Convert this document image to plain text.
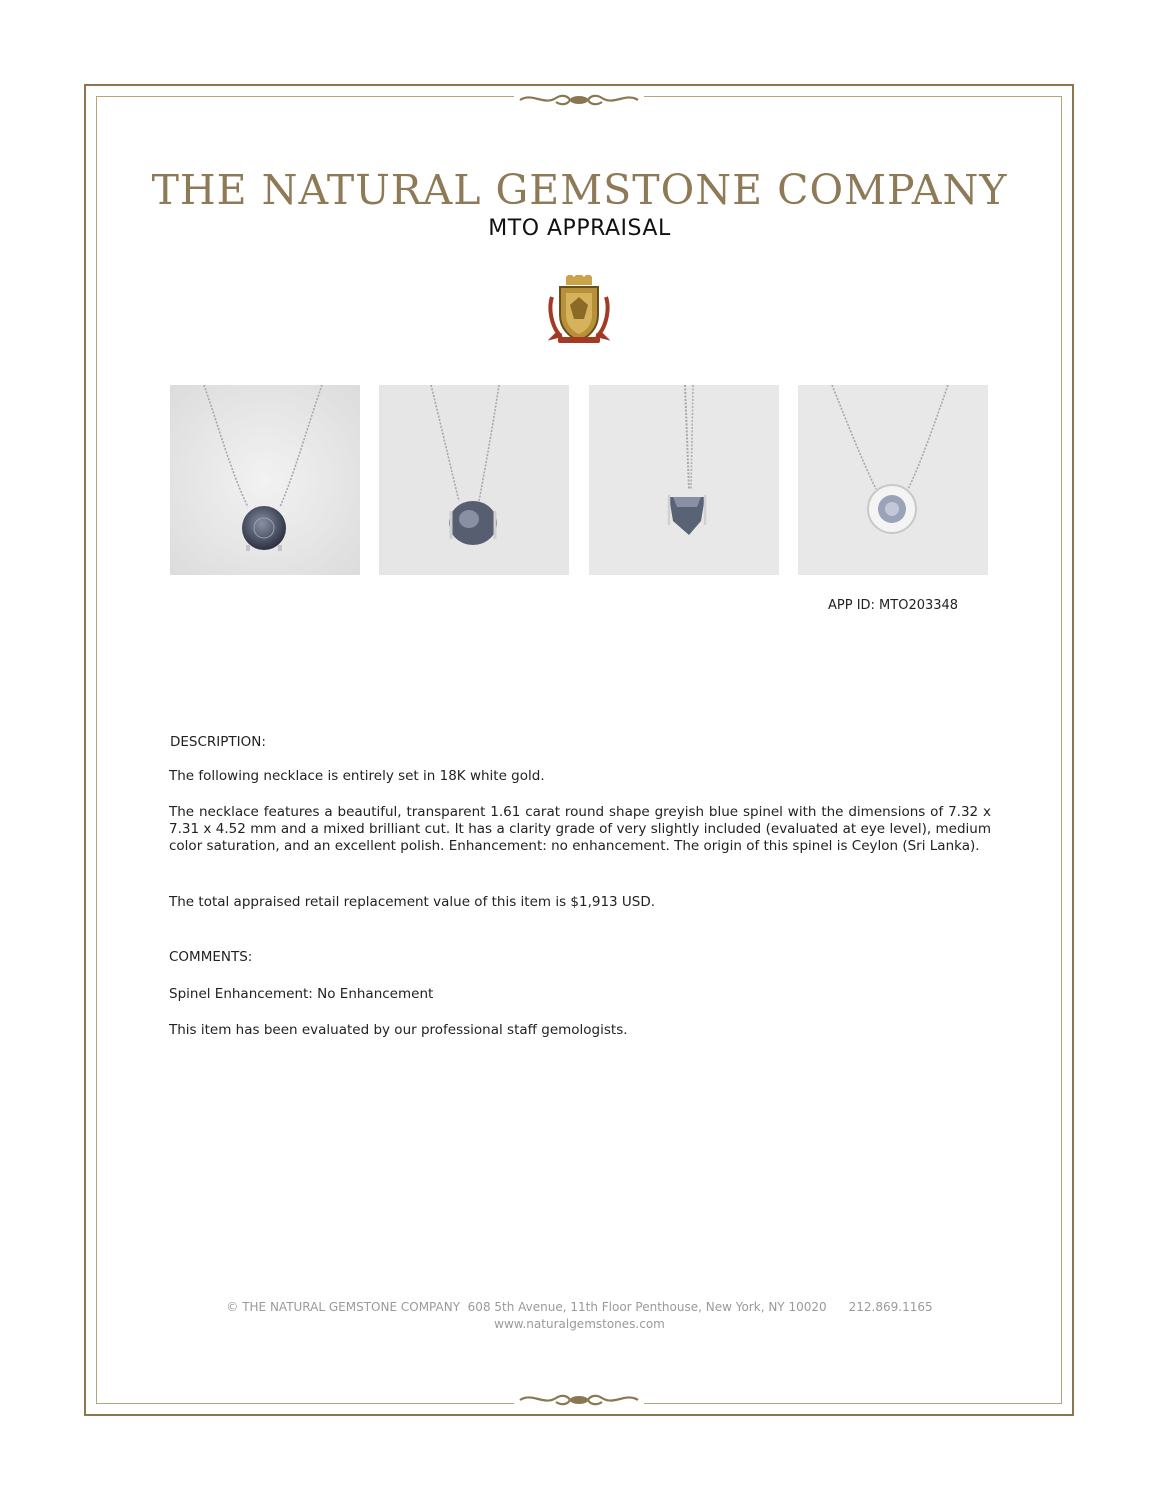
THE NATURAL GEMSTONE COMPANY
MTO APPRAISAL
APP ID: MTO203348
DESCRIPTION:
The following necklace is entirely set in 18K white gold.
The necklace features a beautiful, transparent 1.61 carat round shape greyish blue spinel with the dimensions of 7.32 x 7.31 x 4.52 mm and a mixed brilliant cut. It has a clarity grade of very slightly included (evaluated at eye level), medium color saturation, and an excellent polish. Enhancement: no enhancement. The origin of this spinel is Ceylon (Sri Lanka).
The total appraised retail replacement value of this item is $1,913 USD.
COMMENTS:
Spinel Enhancement: No Enhancement
This item has been evaluated by our professional staff gemologists.
© THE NATURAL GEMSTONE COMPANY 608 5th Avenue, 11th Floor Penthouse, New York, NY 10020 212.869.1165
www.naturalgemstones.com
